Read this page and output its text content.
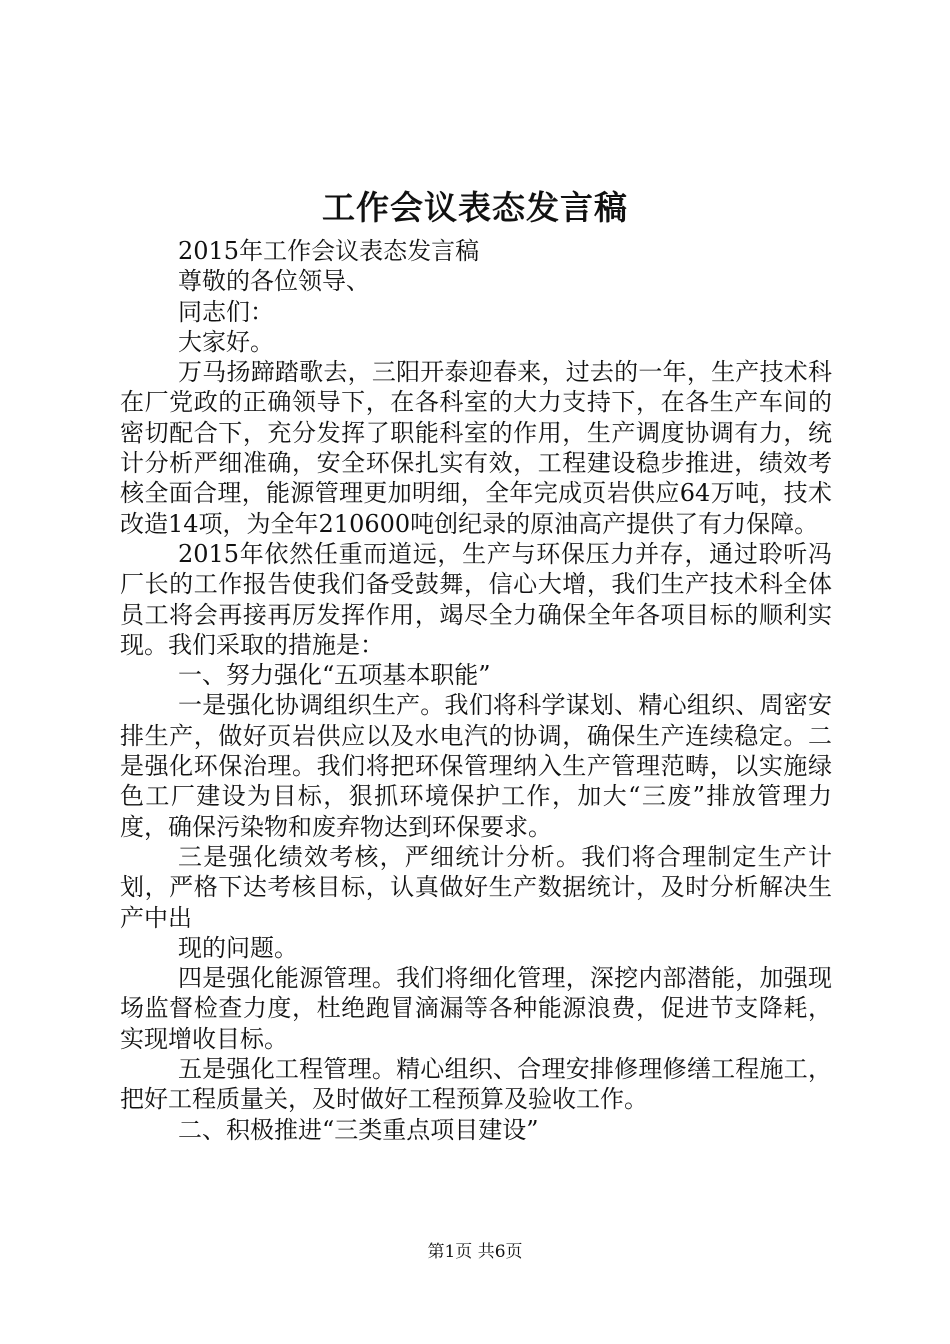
工作会议表态发言稿

2015年工作会议表态发言稿

尊敬的各位领导、

同志们：

大家好。

万马扬蹄踏歌去，三阳开泰迎春来，过去的一年，生产技术科在厂党政的正确领导下，在各科室的大力支持下，在各生产车间的密切配合下，充分发挥了职能科室的作用，生产调度协调有力，统计分析严细准确，安全环保扎实有效，工程建设稳步推进，绩效考核全面合理，能源管理更加明细，全年完成页岩供应64万吨，技术改造14项，为全年210600吨创纪录的原油高产提供了有力保障。

2015年依然任重而道远，生产与环保压力并存，通过聆听冯厂长的工作报告使我们备受鼓舞，信心大增，我们生产技术科全体员工将会再接再厉发挥作用，竭尽全力确保全年各项目标的顺利实现。我们采取的措施是：

一、努力强化“五项基本职能”

一是强化协调组织生产。我们将科学谋划、精心组织、周密安排生产，做好页岩供应以及水电汽的协调，确保生产连续稳定。二是强化环保治理。我们将把环保管理纳入生产管理范畴，以实施绿色工厂建设为目标，狠抓环境保护工作，加大“三废”排放管理力度，确保污染物和废弃物达到环保要求。

三是强化绩效考核，严细统计分析。我们将合理制定生产计划，严格下达考核目标，认真做好生产数据统计，及时分析解决生产中出

现的问题。

四是强化能源管理。我们将细化管理，深挖内部潜能，加强现场监督检查力度，杜绝跑冒滴漏等各种能源浪费，促进节支降耗，实现增收目标。

五是强化工程管理。精心组织、合理安排修理修缮工程施工，把好工程质量关，及时做好工程预算及验收工作。

二、积极推进“三类重点项目建设”

第1页 共6页
